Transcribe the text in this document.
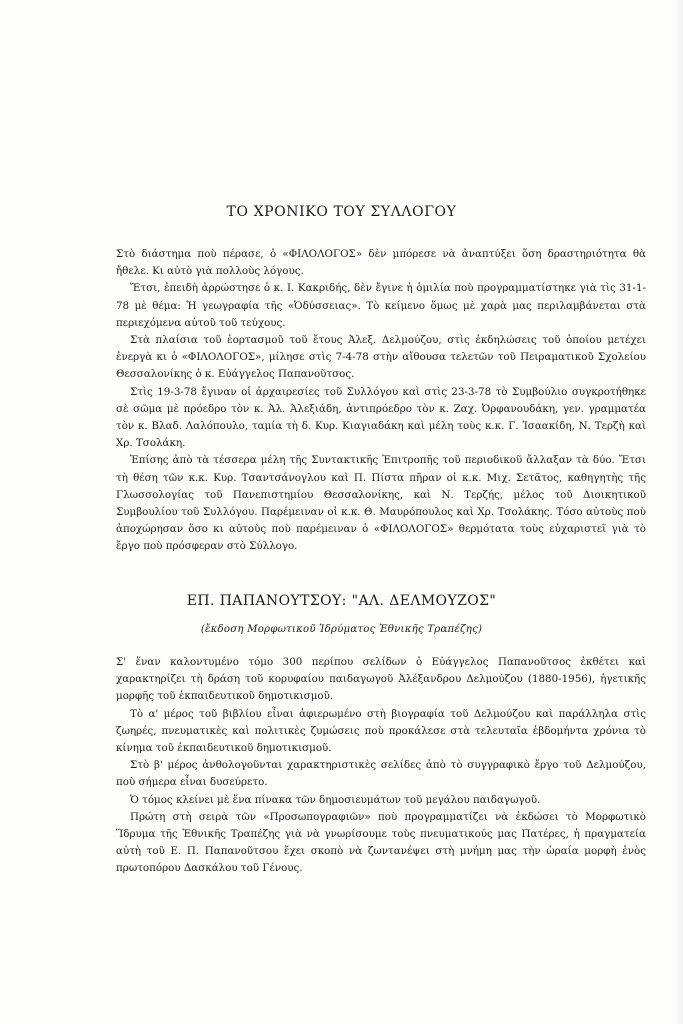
ΤΟ ΧΡΟΝΙΚΟ ΤΟΥ ΣΥΛΛΟΓΟΥ

Στὸ διάστημα ποὺ πέρασε, ὁ «ΦΙΛΟΛΟΓΟΣ» δὲν μπόρεσε νὰ ἀναπτύξει ὅση δραστηριότητα θὰ ἤθελε. Κι αὐτὸ γιὰ πολλοὺς λόγους.

Ἔτσι, ἐπειδὴ ἀρρώστησε ὁ κ. Ι. Κακριδής, δὲν ἔγινε ἡ ὁμιλία ποὺ προγραμματίστηκε γιὰ τὶς 31-1-78 μὲ θέμα: Ἡ γεωγραφία τῆς «Ὀδύσσειας». Τὸ κείμενο ὅμως μὲ χαρὰ μας περιλαμβάνεται στὰ περιεχόμενα αὐτοῦ τοῦ τεύχους.

Στὰ πλαίσια τοῦ ἑορτασμοῦ τοῦ ἔτους Ἀλεξ. Δελμούζου, στὶς ἐκδηλώσεις τοῦ ὁποίου μετέχει ἐνεργὰ κι ὁ «ΦΙΛΟΛΟΓΟΣ», μίλησε στὶς 7-4-78 στὴν αἴθουσα τελετῶν τοῦ Πειραματικοῦ Σχολείου Θεσσαλονίκης ὁ κ. Εὐάγγελος Παπανοῦτσος.

Στὶς 19-3-78 ἔγιναν οἱ ἀρχαιρεσίες τοῦ Συλλόγου καὶ στὶς 23-3-78 τὸ Συμβούλιο συγκροτήθηκε σὲ σῶμα μὲ πρόεδρο τὸν κ. Ἀλ. Ἀλεξιάδη, ἀντιπρόεδρο τὸν κ. Ζαχ. Ὀρφανουδάκη, γεν. γραμματέα τὸν κ. Βλαδ. Λαλόπουλο, ταμία τὴ δ. Κυρ. Κιαγιαδάκη καὶ μέλη τοὺς κ.κ. Γ. Ἰσαακίδη, Ν. Τερζὴ καὶ Χρ. Τσολάκη.

Ἐπίσης ἀπὸ τὰ τέσσερα μέλη τῆς Συντακτικῆς Ἐπιτροπῆς τοῦ περιοδικοῦ ἄλλαξαν τὰ δύο. Ἔτσι τὴ θέση τῶν κ.κ. Κυρ. Τσαντσάνογλου καὶ Π. Πίστα πῆραν οἱ κ.κ. Μιχ. Σετᾶτος, καθηγητὴς τῆς Γλωσσολογίας τοῦ Πανεπιστημίου Θεσσαλονίκης, καὶ Ν. Τερζής, μέλος τοῦ Διοικητικοῦ Συμβουλίου τοῦ Συλλόγου. Παρέμειναν οἱ κ.κ. Θ. Μαυρόπουλος καὶ Χρ. Τσολάκης. Τόσο αὐτοὺς ποὺ ἀποχώρησαν ὅσο κι αὐτοὺς ποὺ παρέμειναν ὁ «ΦΙΛΟΛΟΓΟΣ» θερμότατα τοὺς εὐχαριστεῖ γιὰ τὸ ἔργο ποὺ πρόσφεραν στὸ Σύλλογο.

ΕΠ. ΠΑΠΑΝΟΥΤΣΟΥ: "ΑΛ. ΔΕΛΜΟΥΖΟΣ"
(ἔκδοση Μορφωτικοῦ Ἱδρύματος Ἐθνικῆς Τραπέζης)

Σ' ἕναν καλοντυμένο τόμο 300 περίπου σελίδων ὁ Εὐάγγελος Παπανοῦτσος ἐκθέτει καὶ χαρακτηρίζει τὴ δράση τοῦ κορυφαίου παιδαγωγοῦ Ἀλέξανδρου Δελμούζου (1880-1956), ἡγετικῆς μορφῆς τοῦ ἐκπαιδευτικοῦ δημοτικισμοῦ.

Τὸ α' μέρος τοῦ βιβλίου εἶναι ἀφιερωμένο στὴ βιογραφία τοῦ Δελμούζου καὶ παράλληλα στὶς ζωηρές, πνευματικὲς καὶ πολιτικὲς ζυμώσεις ποὺ προκάλεσε στὰ τελευταῖα ἑβδομήντα χρόνια τὸ κίνημα τοῦ ἐκπαιδευτικοῦ δημοτικισμοῦ.

Στὸ β' μέρος ἀνθολογοῦνται χαρακτηριστικὲς σελίδες ἀπὸ τὸ συγγραφικὸ ἔργο τοῦ Δελμούζου, ποὺ σήμερα εἶναι δυσεύρετο.

Ὁ τόμος κλείνει μὲ ἕνα πίνακα τῶν δημοσιευμάτων τοῦ μεγάλου παιδαγωγοῦ.

Πρώτη στὴ σειρὰ τῶν «Προσωπογραφιῶν» ποὺ προγραμματίζει νὰ ἐκδώσει τὸ Μορφωτικὸ Ἵδρυμα τῆς Ἐθνικῆς Τραπέζης γιὰ νὰ γνωρίσουμε τοὺς πνευματικούς μας Πατέρες, ἡ πραγματεία αὐτὴ τοῦ Ε. Π. Παπανοῦτσου ἔχει σκοπὸ νὰ ζωντανέψει στὴ μνήμη μας τὴν ὡραία μορφὴ ἑνὸς πρωτοπόρου Δασκάλου τοῦ Γένους.
